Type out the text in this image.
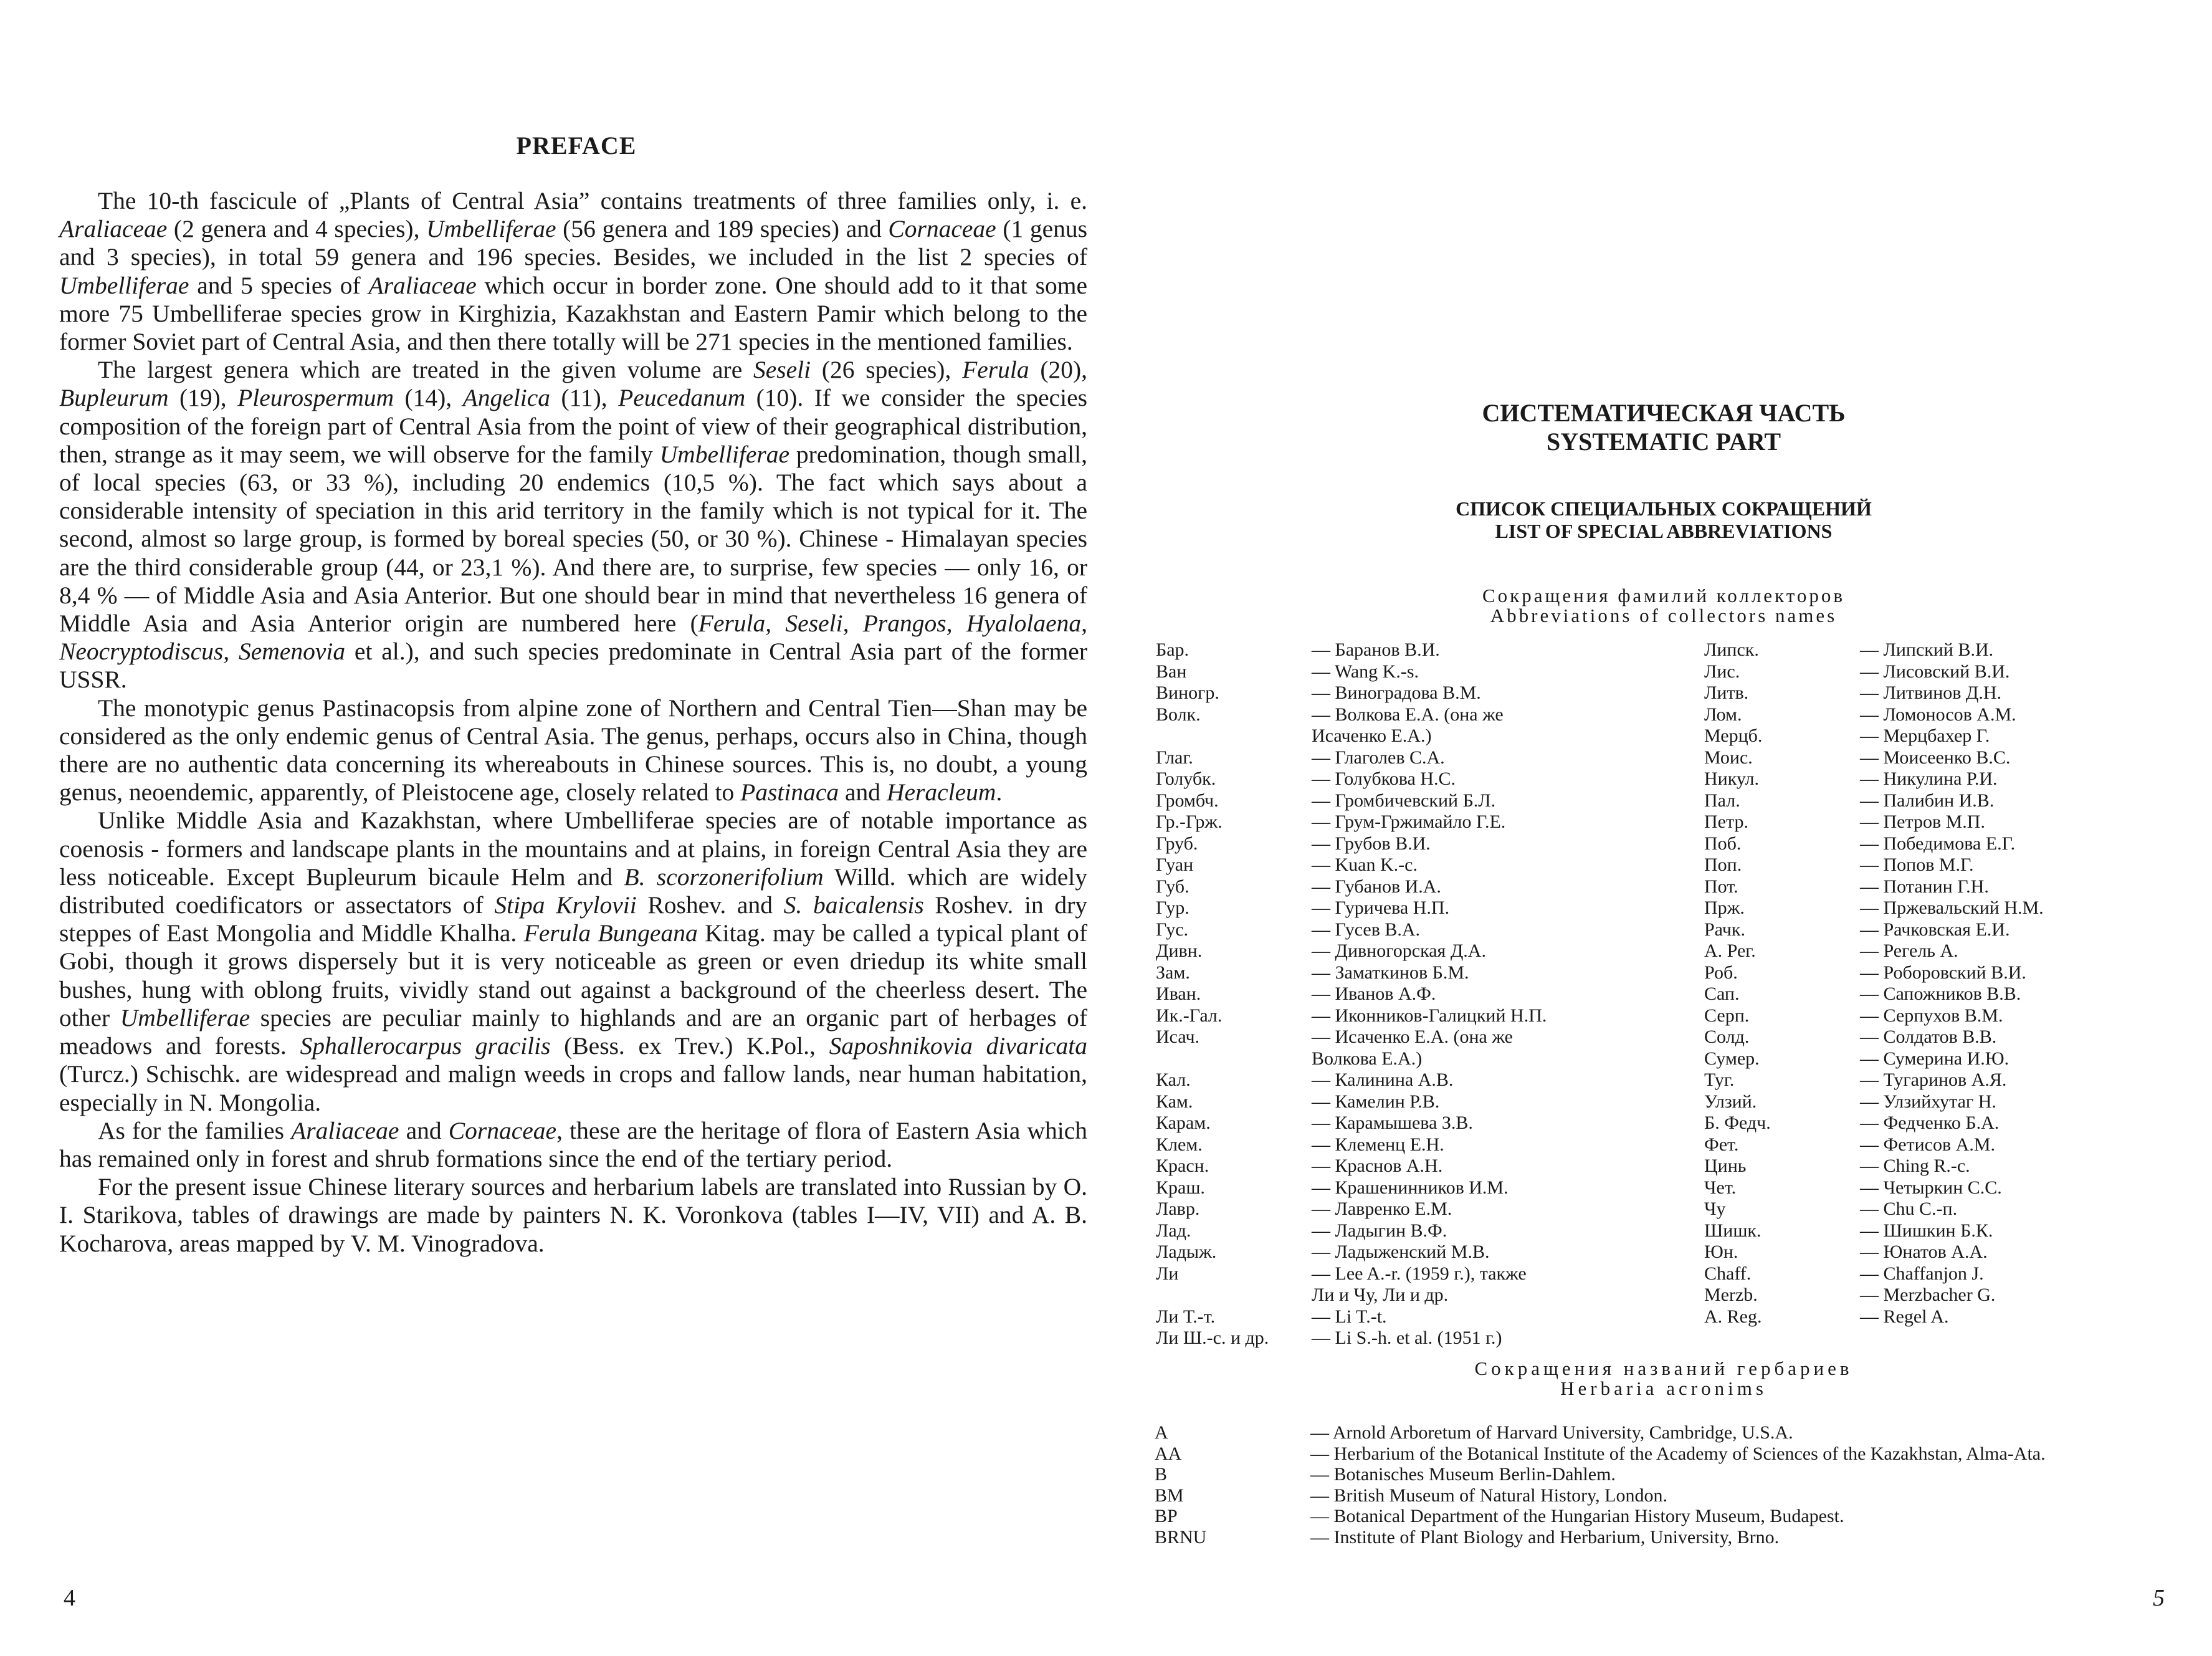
PREFACE

The 10-th fascicule of „Plants of Central Asia” contains treatments of three families only, i. e. Araliaceae (2 genera and 4 species), Umbelliferae (56 genera and 189 species) and Cornaceae (1 genus and 3 species), in total 59 genera and 196 species. Besides, we included in the list 2 species of Umbelliferae and 5 species of Araliaceae which occur in border zone. One should add to it that some more 75 Umbelliferae species grow in Kirghizia, Kazakhstan and Eastern Pamir which belong to the former Soviet part of Central Asia, and then there totally will be 271 species in the mentioned families.

The largest genera which are treated in the given volume are Seseli (26 species), Ferula (20), Bupleurum (19), Pleurospermum (14), Angelica (11), Peucedanum (10). If we consider the species composition of the foreign part of Central Asia from the point of view of their geographical distribution, then, strange as it may seem, we will observe for the family Umbelliferae predomination, though small, of local species (63, or 33 %), including 20 endemics (10,5 %). The fact which says about a considerable intensity of speciation in this arid territory in the family which is not typical for it. The second, almost so large group, is formed by boreal species (50, or 30 %). Chinese - Himalayan species are the third considerable group (44, or 23,1 %). And there are, to surprise, few species — only 16, or 8,4 % — of Middle Asia and Asia Anterior. But one should bear in mind that nevertheless 16 genera of Middle Asia and Asia Anterior origin are numbered here (Ferula, Seseli, Prangos, Hyalolaena, Neocryptodiscus, Semenovia et al.), and such species predominate in Central Asia part of the former USSR.

The monotypic genus Pastinacopsis from alpine zone of Northern and Central Tien—Shan may be considered as the only endemic genus of Central Asia. The genus, perhaps, occurs also in China, though there are no authentic data concerning its whereabouts in Chinese sources. This is, no doubt, a young genus, neoendemic, apparently, of Pleistocene age, closely related to Pastinaca and Heracleum.

Unlike Middle Asia and Kazakhstan, where Umbelliferae species are of notable importance as coenosis - formers and landscape plants in the mountains and at plains, in foreign Central Asia they are less noticeable. Except Bupleurum bicaule Helm and B. scorzonerifolium Willd. which are widely distributed coedificators or assectators of Stipa Krylovii Roshev. and S. baicalensis Roshev. in dry steppes of East Mongolia and Middle Khalha. Ferula Bungeana Kitag. may be called a typical plant of Gobi, though it grows dispersely but it is very noticeable as green or even driedup its white small bushes, hung with oblong fruits, vividly stand out against a background of the cheerless desert. The other Umbelliferae species are peculiar mainly to highlands and are an organic part of herbages of meadows and forests. Sphallerocarpus gracilis (Bess. ex Trev.) K.Pol., Saposhnikovia divaricata (Turcz.) Schischk. are widespread and malign weeds in crops and fallow lands, near human habitation, especially in N. Mongolia.

As for the families Araliaceae and Cornaceae, these are the heritage of flora of Eastern Asia which has remained only in forest and shrub formations since the end of the tertiary period.

For the present issue Chinese literary sources and herbarium labels are translated into Russian by O. I. Starikova, tables of drawings are made by painters N. K. Voronkova (tables I—IV, VII) and A. B. Kocharova, areas mapped by V. M. Vinogradova.

4
СИСТЕМАТИЧЕСКАЯ ЧАСТЬ
SYSTEMATIC PART
СПИСОК СПЕЦИАЛЬНЫХ СОКРАЩЕНИЙ
LIST OF SPECIAL ABBREVIATIONS
Сокращения фамилий коллекторов
Abbreviations of collectors names
Бар.	— Баранов В.И.
Ван	— Wang K.-s.
Виногр.	— Виноградова В.М.
Волк.	— Волкова Е.А. (она же
Исаченко Е.А.)
Глаг.	— Глаголев С.А.
Голубк.	— Голубкова Н.С.
Громбч.	— Громбичевский Б.Л.
Гр.-Грж.	— Грум-Гржимайло Г.Е.
Груб.	— Грубов В.И.
Гуан	— Kuan K.-c.
Губ.	— Губанов И.А.
Гур.	— Гуричева Н.П.
Гус.	— Гусев В.А.
Дивн.	— Дивногорская Д.А.
Зам.	— Заматкинов Б.М.
Иван.	— Иванов А.Ф.
Ик.-Гал.	— Иконников-Галицкий Н.П.
Исач.	— Исаченко Е.А. (она же
Волкова Е.А.)
Кал.	— Калинина А.В.
Кам.	— Камелин Р.В.
Карам.	— Карамышева З.В.
Клем.	— Клеменц Е.Н.
Красн.	— Краснов А.Н.
Краш.	— Крашенинников И.М.
Лавр.	— Лавренко Е.М.
Лад.	— Ладыгин В.Ф.
Ладыж.	— Ладыженский М.В.
Ли	— Lee A.-r. (1959 г.), также
Ли и Чу, Ли и др.
Ли Т.-т.	— Li T.-t.
Ли Ш.-с. и др.	— Li S.-h. et al. (1951 г.)
Липск.	— Липский В.И.
Лис.	— Лисовский В.И.
Литв.	— Литвинов Д.Н.
Лом.	— Ломоносов А.М.
Мерцб.	— Мерцбахер Г.
Моис.	— Моисеенко В.С.
Никул.	— Никулина Р.И.
Пал.	— Палибин И.В.
Петр.	— Петров М.П.
Поб.	— Победимова Е.Г.
Поп.	— Попов М.Г.
Пот.	— Потанин Г.Н.
Прж.	— Пржевальский Н.М.
Рачк.	— Рачковская Е.И.
А. Рег.	— Регель А.
Роб.	— Роборовский В.И.
Сап.	— Сапожников В.В.
Серп.	— Серпухов В.М.
Солд.	— Солдатов В.В.
Сумер.	— Сумерина И.Ю.
Туг.	— Тугаринов А.Я.
Улзий.	— Улзийхутаг Н.
Б. Федч.	— Федченко Б.А.
Фет.	— Фетисов А.М.
Цинь	— Ching R.-c.
Чет.	— Четыркин С.С.
Чу	— Chu C.-п.
Шишк.	— Шишкин Б.К.
Юн.	— Юнатов А.А.
Chaff.	— Chaffanjon J.
Merzb.	— Merzbacher G.
A. Reg.	— Regel A.
Сокращения названий гербариев
Herbaria acronims
A	— Arnold Arboretum of Harvard University, Cambridge, U.S.A.
AA	— Herbarium of the Botanical Institute of the Academy of Sciences of the Kazakhstan, Alma-Ata.
B	— Botanisches Museum Berlin-Dahlem.
BM	— British Museum of Natural History, London.
BP	— Botanical Department of the Hungarian History Museum, Budapest.
BRNU	— Institute of Plant Biology and Herbarium, University, Brno.
5
